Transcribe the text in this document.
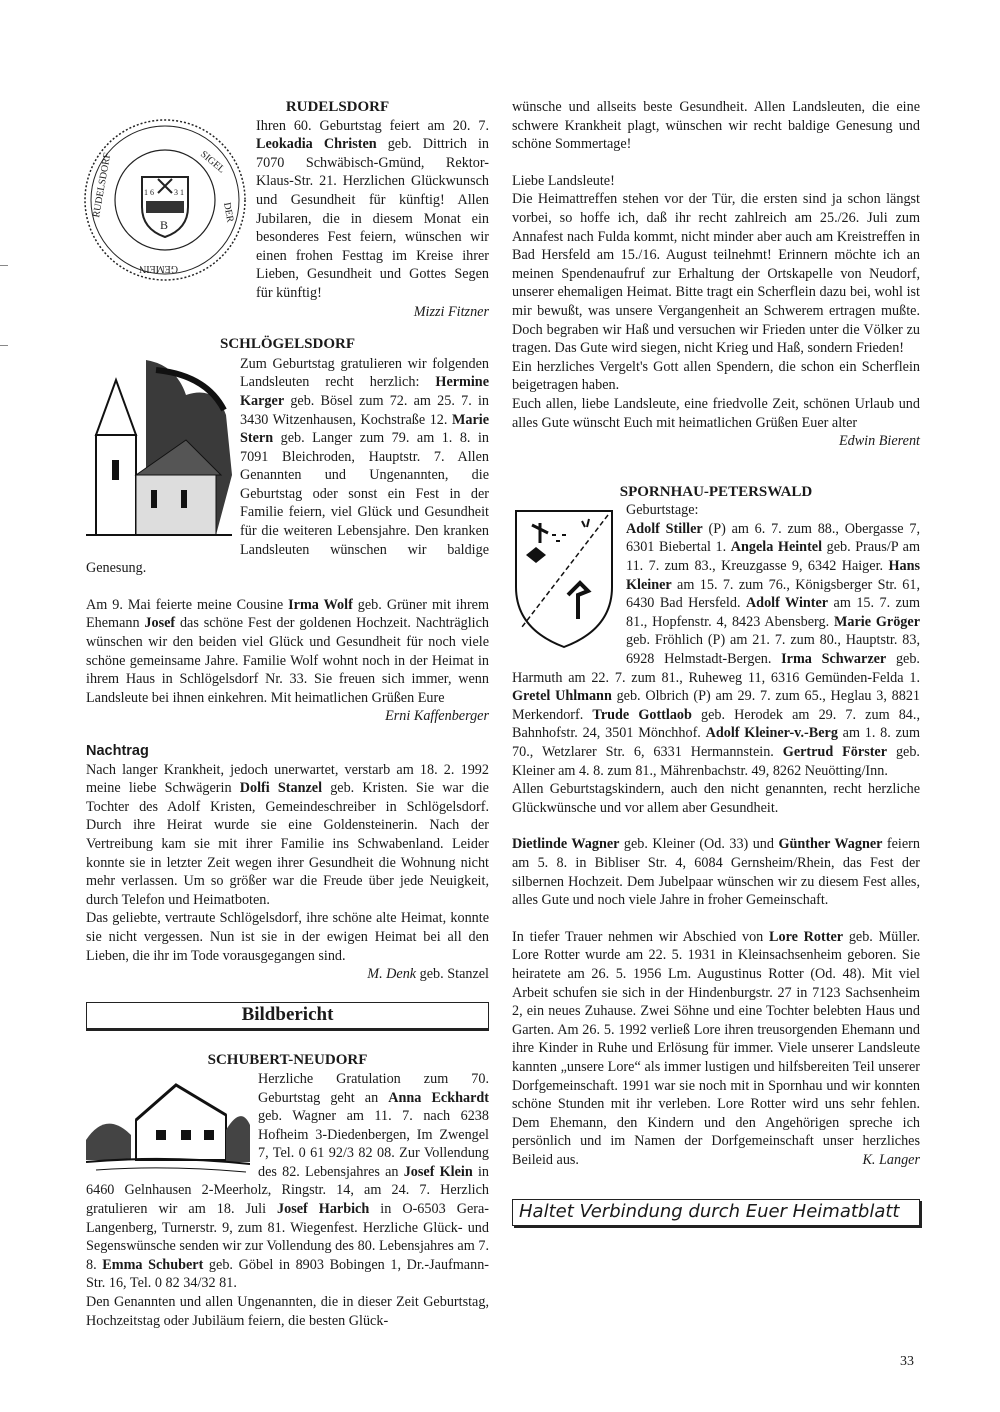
RUDELSDORF
1 6	3 1
B
RUDELSDORF	SIGEL
DER
GEMEIN

Ihren 60. Geburtstag feiert am 20. 7. Leokadia Christen geb. Dittrich in 7070 Schwäbisch-Gmünd, Rektor-Klaus-Str. 21. Herzlichen Glückwunsch und Gesundheit für künftig! Allen Jubilaren, die in diesem Monat ein besonderes Fest feiern, wünschen wir einen frohen Festtag im Kreise ihrer Lieben, Gesundheit und Gottes Segen für künftig!

Mizzi Fitzner

SCHLÖGELSDORF

Zum Geburtstag gratulieren wir folgenden Landsleuten recht herzlich: Hermine Karger geb. Bösel zum 72. am 25. 7. in 3430 Witzenhausen, Kochstraße 12. Marie Stern geb. Langer zum 79. am 1. 8. in 7091 Bleichroden, Hauptstr. 7. Allen Genannten und Ungenannten, die Geburtstag oder sonst ein Fest in der Familie feiern, viel Glück und Gesundheit für die weiteren Lebensjahre. Den kranken Landsleuten wünschen wir baldige Genesung.

Am 9. Mai feierte meine Cousine Irma Wolf geb. Grüner mit ihrem Ehemann Josef das schöne Fest der goldenen Hochzeit. Nachträglich wünschen wir den beiden viel Glück und Gesundheit für noch viele schöne gemeinsame Jahre. Familie Wolf wohnt noch in der Heimat in ihrem Haus in Schlögelsdorf Nr. 33. Sie freuen sich immer, wenn Landsleute bei ihnen einkehren. Mit heimatlichen Grüßen Eure
Erni Kaffenberger

Nachtrag

Nach langer Krankheit, jedoch unerwartet, verstarb am 18. 2. 1992 meine liebe Schwägerin Dolfi Stanzel geb. Kristen. Sie war die Tochter des Adolf Kristen, Gemeindeschreiber in Schlögelsdorf. Durch ihre Heirat wurde sie eine Goldensteinerin. Nach der Vertreibung kam sie mit ihrer Familie ins Schwabenland. Leider konnte sie in letzter Zeit wegen ihrer Gesundheit die Wohnung nicht mehr verlassen. Um so größer war die Freude über jede Neuigkeit, durch Telefon und Heimatboten.

Das geliebte, vertraute Schlögelsdorf, ihre schöne alte Heimat, konnte sie nicht vergessen. Nun ist sie in der ewigen Heimat bei all den Lieben, die ihr im Tode vorausgegangen sind.

M. Denk geb. Stanzel

Bildbericht
SCHUBERT-NEUDORF

Herzliche Gratulation zum 70. Geburtstag geht an Anna Eckhardt geb. Wagner am 11. 7. nach 6238 Hofheim 3-Diedenbergen, Im Zwengel 7, Tel. 0 61 92/3 82 08. Zur Vollendung des 82. Lebensjahres an Josef Klein in 6460 Gelnhausen 2-Meerholz, Ringstr. 14, am 24. 7. Herzlich gratulieren wir am 18. Juli Josef Harbich in O-6503 Gera-Langenberg, Turnerstr. 9, zum 81. Wiegenfest. Herzliche Glück- und Segenswünsche senden wir zur Vollendung des 80. Lebensjahres am 7. 8. Emma Schubert geb. Göbel in 8903 Bobingen 1, Dr.-Jaufmann-Str. 16, Tel. 0 82 34/32 81.

Den Genannten und allen Ungenannten, die in dieser Zeit Geburtstag, Hochzeitstag oder Jubiläum feiern, die besten Glück-

wünsche und allseits beste Gesundheit. Allen Landsleuten, die eine schwere Krankheit plagt, wünschen wir recht baldige Genesung und schöne Sommertage!

Liebe Landsleute!

Die Heimattreffen stehen vor der Tür, die ersten sind ja schon längst vorbei, so hoffe ich, daß ihr recht zahlreich am 25./26. Juli zum Annafest nach Fulda kommt, nicht minder aber auch am Kreistreffen in Bad Hersfeld am 15./16. August teilnehmt! Erinnern möchte ich an meinen Spendenaufruf zur Erhaltung der Ortskapelle von Neudorf, unserer ehemaligen Heimat. Bitte tragt ein Scherflein dazu bei, wohl ist mir bewußt, was unsere Vergangenheit an Schwerem ertragen mußte. Doch begraben wir Haß und versuchen wir Frieden unter die Völker zu tragen. Das Gute wird siegen, nicht Krieg und Haß, sondern Frieden!

Ein herzliches Vergelt's Gott allen Spendern, die schon ein Scherflein beigetragen haben.

Euch allen, liebe Landsleute, eine friedvolle Zeit, schönen Urlaub und alles Gute wünscht Euch mit heimatlichen Grüßen Euer alter
Edwin Bierent

SPORNHAU-PETERSWALD

Geburtstage:

Adolf Stiller (P) am 6. 7. zum 88., Obergasse 7, 6301 Biebertal 1. Angela Heintel geb. Praus/P am 11. 7. zum 83., Kreuzgasse 9, 6342 Haiger. Hans Kleiner am 15. 7. zum 76., Königsberger Str. 61, 6430 Bad Hersfeld. Adolf Winter am 15. 7. zum 81., Hopfenstr. 4, 8423 Abensberg. Marie Gröger geb. Fröhlich (P) am 21. 7. zum 80., Hauptstr. 83, 6928 Helmstadt-Bergen. Irma Schwarzer geb. Harmuth am 22. 7. zum 81., Ruheweg 11, 6316 Gemünden-Felda 1. Gretel Uhlmann geb. Olbrich (P) am 29. 7. zum 65., Heglau 3, 8821 Merkendorf. Trude Gottlaob geb. Herodek am 29. 7. zum 84., Bahnhofstr. 24, 3501 Mönchhof. Adolf Kleiner-v.-Berg am 1. 8. zum 70., Wetzlarer Str. 6, 6331 Hermannstein. Gertrud Förster geb. Kleiner am 4. 8. zum 81., Mährenbachstr. 49, 8262 Neuötting/Inn.

Allen Geburtstagskindern, auch den nicht genannten, recht herzliche Glückwünsche und vor allem aber Gesundheit.

Dietlinde Wagner geb. Kleiner (Od. 33) und Günther Wagner feiern am 5. 8. in Bibliser Str. 4, 6084 Gernsheim/Rhein, das Fest der silbernen Hochzeit. Dem Jubelpaar wünschen wir zu diesem Fest alles, alles Gute und noch viele Jahre in froher Gemeinschaft.

In tiefer Trauer nehmen wir Abschied von Lore Rotter geb. Müller. Lore Rotter wurde am 22. 5. 1931 in Kleinsachsenheim geboren. Sie heiratete am 26. 5. 1956 Lm. Augustinus Rotter (Od. 48). Mit viel Arbeit schufen sie sich in der Hindenburgstr. 27 in 7123 Sachsenheim 2, ein neues Zuhause. Zwei Söhne und eine Tochter belebten Haus und Garten. Am 26. 5. 1992 verließ Lore ihren treusorgenden Ehemann und ihre Kinder in Ruhe und Erlösung für immer. Viele unserer Landsleute kannten „unsere Lore“ als immer lustigen und hilfsbereiten Teil unserer Dorfgemeinschaft. 1991 war sie noch mit in Spornhau und wir konnten schöne Stunden mit ihr verleben. Lore Rotter wird uns sehr fehlen. Dem Ehemann, den Kindern und den Angehörigen spreche ich persönlich und im Namen der Dorfgemeinschaft unser herzliches Beileid aus.	K. Langer

Haltet Verbindung durch Euer Heimatblatt
33
